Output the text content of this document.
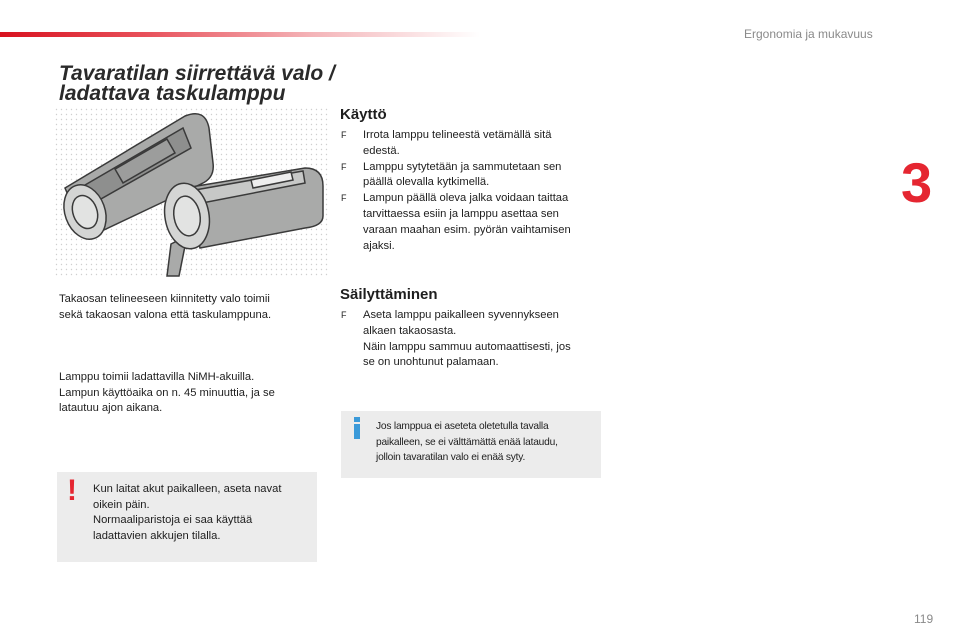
Ergonomia ja mukavuus
3
Tavaratilan siirrettävä valo /
ladattava taskulamppu
Takaosan telineeseen kiinnitetty valo toimii
sekä takaosan valona että taskulamppuna.
Lamppu toimii ladattavilla NiMH-akuilla.
Lampun käyttöaika on n. 45 minuuttia, ja se
latautuu ajon aikana.
! Kun laitat akut paikalleen, aseta navat
oikein päin.
Normaaliparistoja ei saa käyttää
ladattavien akkujen tilalla.
Käyttö
F Irrota lamppu telineestä vetämällä sitä
edestä.
F Lamppu sytytetään ja sammutetaan sen
päällä olevalla kytkimellä.
F Lampun päällä oleva jalka voidaan taittaa
tarvittaessa esiin ja lamppu asettaa sen
varaan maahan esim. pyörän vaihtamisen
ajaksi.
Säilyttäminen
F Aseta lamppu paikalleen syvennykseen
alkaen takaosasta.
Näin lamppu sammuu automaattisesti, jos
se on unohtunut palamaan.
Jos lamppua ei aseteta oletetulla tavalla
paikalleen, se ei välttämättä enää lataudu,
jolloin tavaratilan valo ei enää syty.
119
